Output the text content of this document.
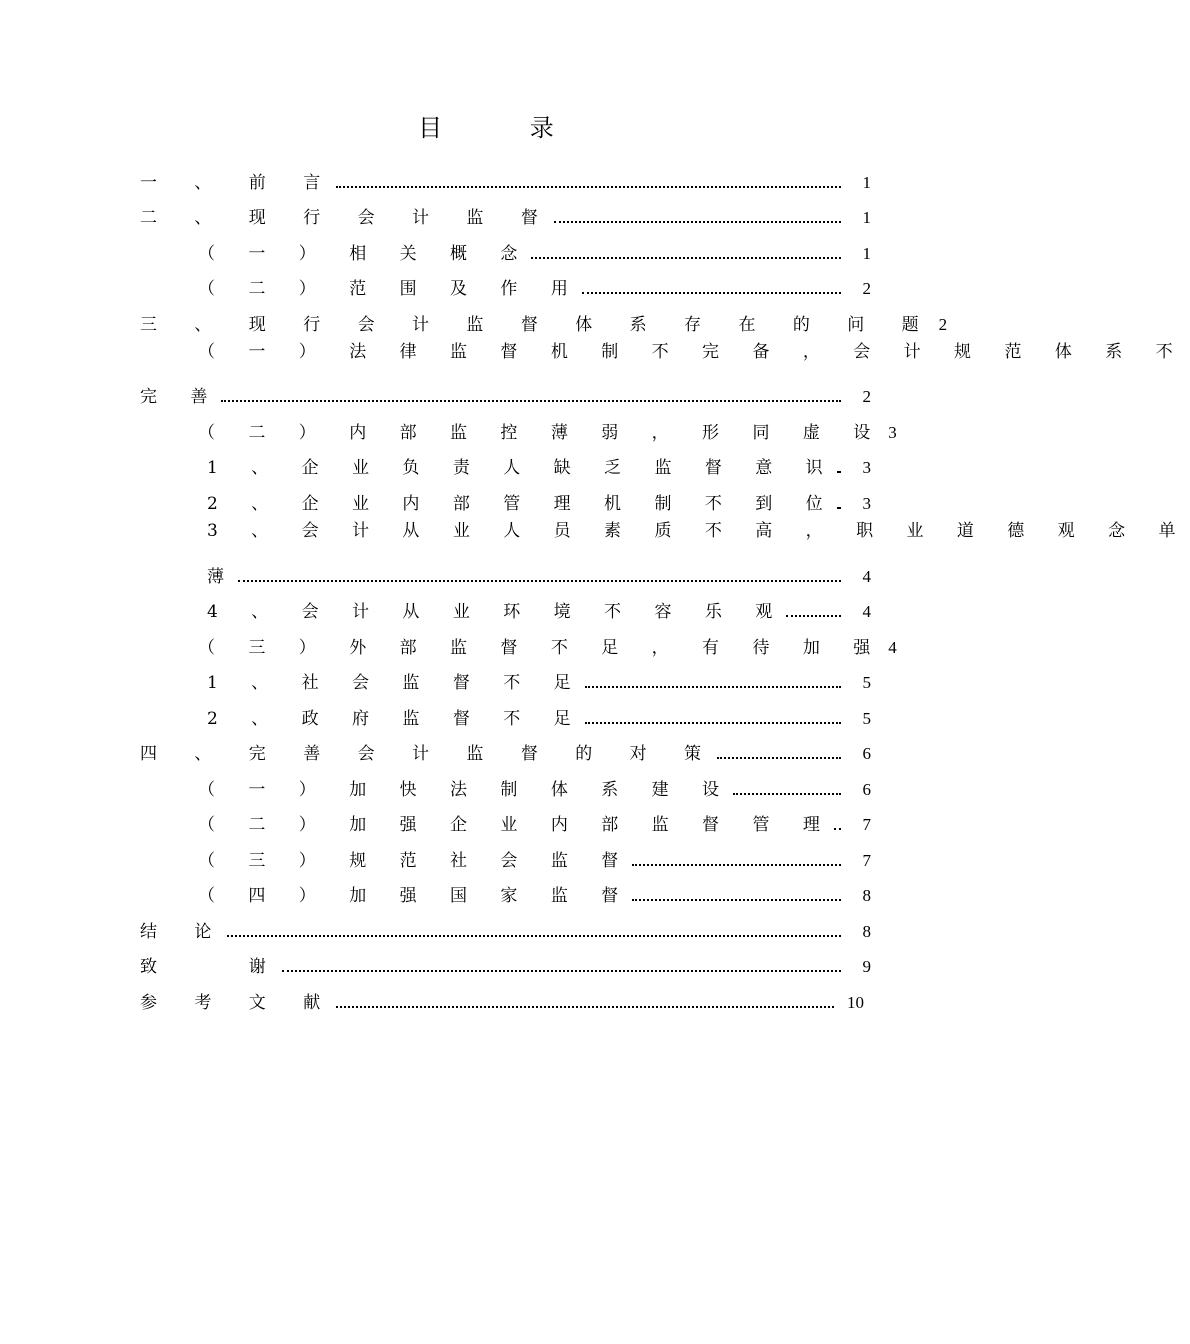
目 录
一 、 前 言	1
二 、 现 行 会 计 监 督	1
（ 一 ） 相 关 概 念	1
（ 二 ） 范 围 及 作 用	2
三 、 现 行 会 计 监 督 体 系 存 在 的 问 题 2
（ 一 ） 法 律 监 督 机 制 不 完 备 ， 会 计 规 范 体 系 不
完 善	2
（ 二 ） 内 部 监 控 薄 弱 ， 形 同 虚 设 3
1 、 企 业 负 责 人 缺 乏 监 督 意 识	3
2 、 企 业 内 部 管 理 机 制 不 到 位	3
3 、 会 计 从 业 人 员 素 质 不 高 ， 职 业 道 德 观 念 单
薄	4
4 、 会 计 从 业 环 境 不 容 乐 观	4
（ 三 ） 外 部 监 督 不 足 ， 有 待 加 强 4
1 、 社 会 监 督 不 足	5
2 、 政 府 监 督 不 足	5
四 、 完 善 会 计 监 督 的 对 策	6
（ 一 ） 加 快 法 制 体 系 建 设	6
（ 二 ） 加 强 企 业 内 部 监 督 管 理	7
（ 三 ） 规 范 社 会 监 督	7
（ 四 ） 加 强 国 家 监 督	8
结 论	8
致 　 谢	9
参 考 文 献	10
